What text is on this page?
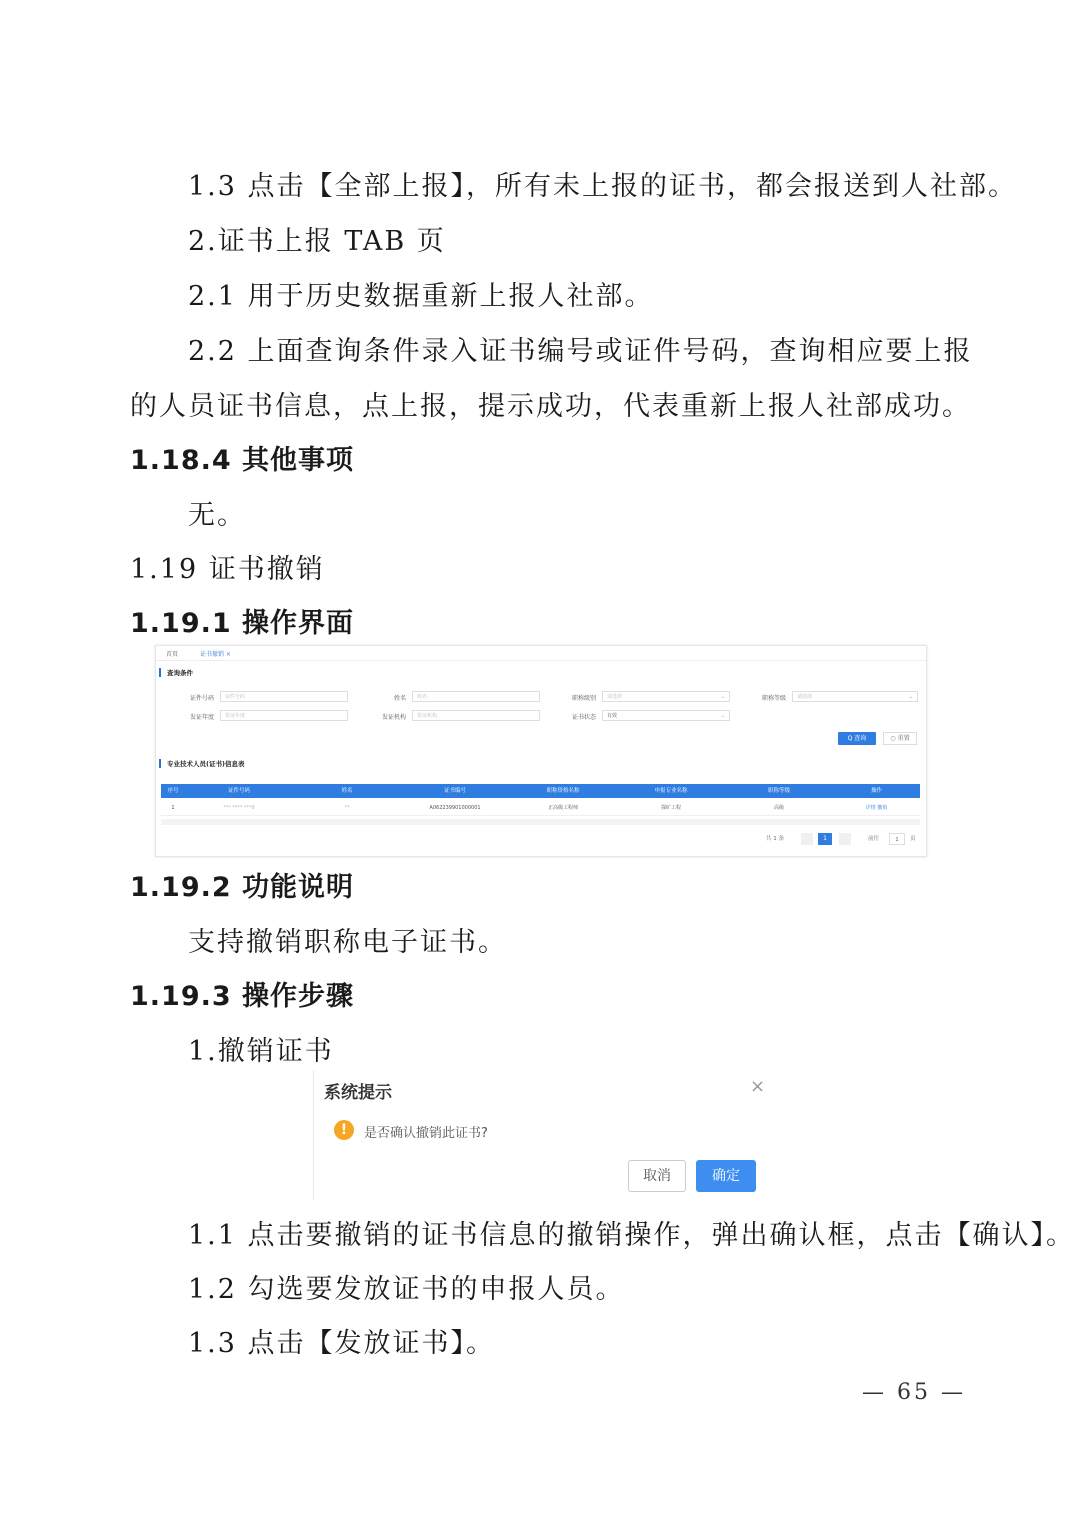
1.3 点击【全部上报】，所有未上报的证书，都会报送到人社部。
2.证书上报 TAB 页
2.1 用于历史数据重新上报人社部。
2.2 上面查询条件录入证书编号或证件号码，查询相应要上报
的人员证书信息，点上报，提示成功，代表重新上报人社部成功。
1.18.4 其他事项
无。
1.19 证书撤销
1.19.1 操作界面
首页	证书撤销 ×
查询条件
证件号码	证件号码	姓名	姓名	职称级别	请选择	⌄	职称等级	请选择	⌄
发证年度	发证年度	发证机构	发证机构	证书状态	有效	⌄
Q 查询	○ 重置
专业技术人员(证书)信息表
序号	证件号码	姓名	证书编号	职称资格名称	申报专业名称	职称等级	操作
1	*** **** ***8	**	A062239901000001	正高级工程师	探矿工程	高级	详情 撤销
共 1 条	1	前往	1	页
1.19.2 功能说明
支持撤销职称电子证书。
1.19.3 操作步骤
1.撤销证书
系统提示	×
!	是否确认撤销此证书?
取消	确定
1.1 点击要撤销的证书信息的撤销操作，弹出确认框，点击【确认】。
1.2 勾选要发放证书的申报人员。
1.3 点击【发放证书】。
— 65 —
